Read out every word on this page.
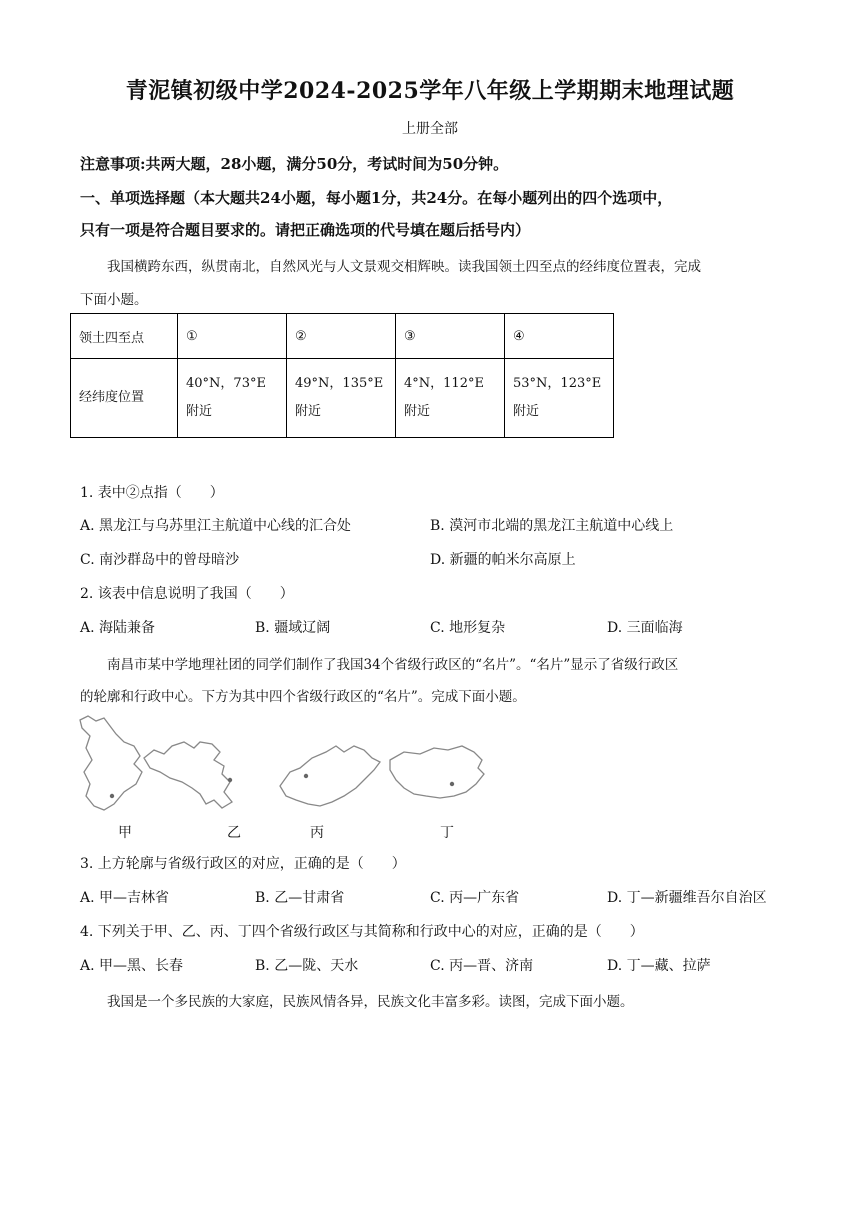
青泥镇初级中学2024-2025学年八年级上学期期末地理试题
上册全部
注意事项:共两大题，28小题，满分50分，考试时间为50分钟。
一、单项选择题（本大题共24小题，每小题1分，共24分。在每小题列出的四个选项中，
只有一项是符合题目要求的。请把正确选项的代号填在题后括号内）
我国横跨东西，纵贯南北，自然风光与人文景观交相辉映。读我国领土四至点的经纬度位置表，完成
下面小题。
领土四至点	①	②	③	④
经纬度位置	40°N，73°E附近	49°N，135°E附近	4°N，112°E附近	53°N，123°E附近
1. 表中②点指（　　）
A. 黑龙江与乌苏里江主航道中心线的汇合处	B. 漠河市北端的黑龙江主航道中心线上
C. 南沙群岛中的曾母暗沙	D. 新疆的帕米尔高原上
2. 该表中信息说明了我国（　　）
A. 海陆兼备	B. 疆域辽阔	C. 地形复杂	D. 三面临海
南昌市某中学地理社团的同学们制作了我国34个省级行政区的“名片”。“名片”显示了省级行政区
的轮廓和行政中心。下方为其中四个省级行政区的“名片”。完成下面小题。
甲	乙	丙	丁
3. 上方轮廓与省级行政区的对应，正确的是（　　）
A. 甲—吉林省	B. 乙—甘肃省	C. 丙—广东省	D. 丁—新疆维吾尔自治区
4. 下列关于甲、乙、丙、丁四个省级行政区与其简称和行政中心的对应，正确的是（　　）
A. 甲—黑、长春	B. 乙—陇、天水	C. 丙—晋、济南	D. 丁—藏、拉萨
我国是一个多民族的大家庭，民族风情各异，民族文化丰富多彩。读图，完成下面小题。
